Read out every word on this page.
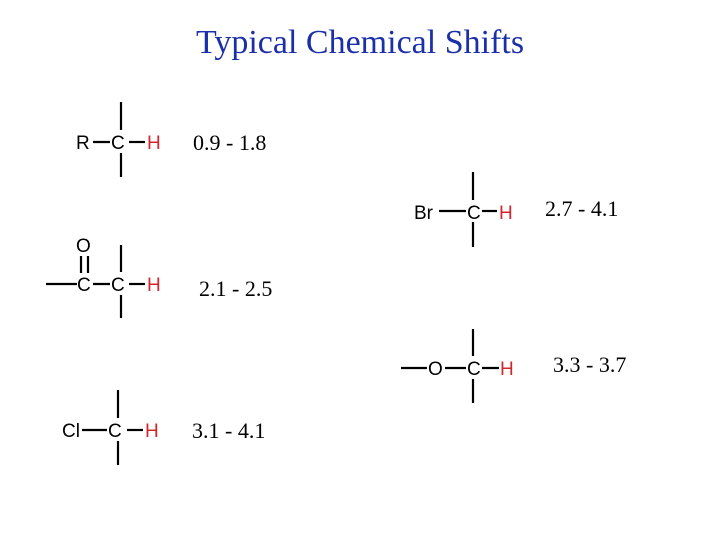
Typical Chemical Shifts
R C H
Br C H
O
C C H
O C H
Cl C H
0.9 - 1.8
2.7 - 4.1
2.1 - 2.5
3.3 - 3.7
3.1 - 4.1
